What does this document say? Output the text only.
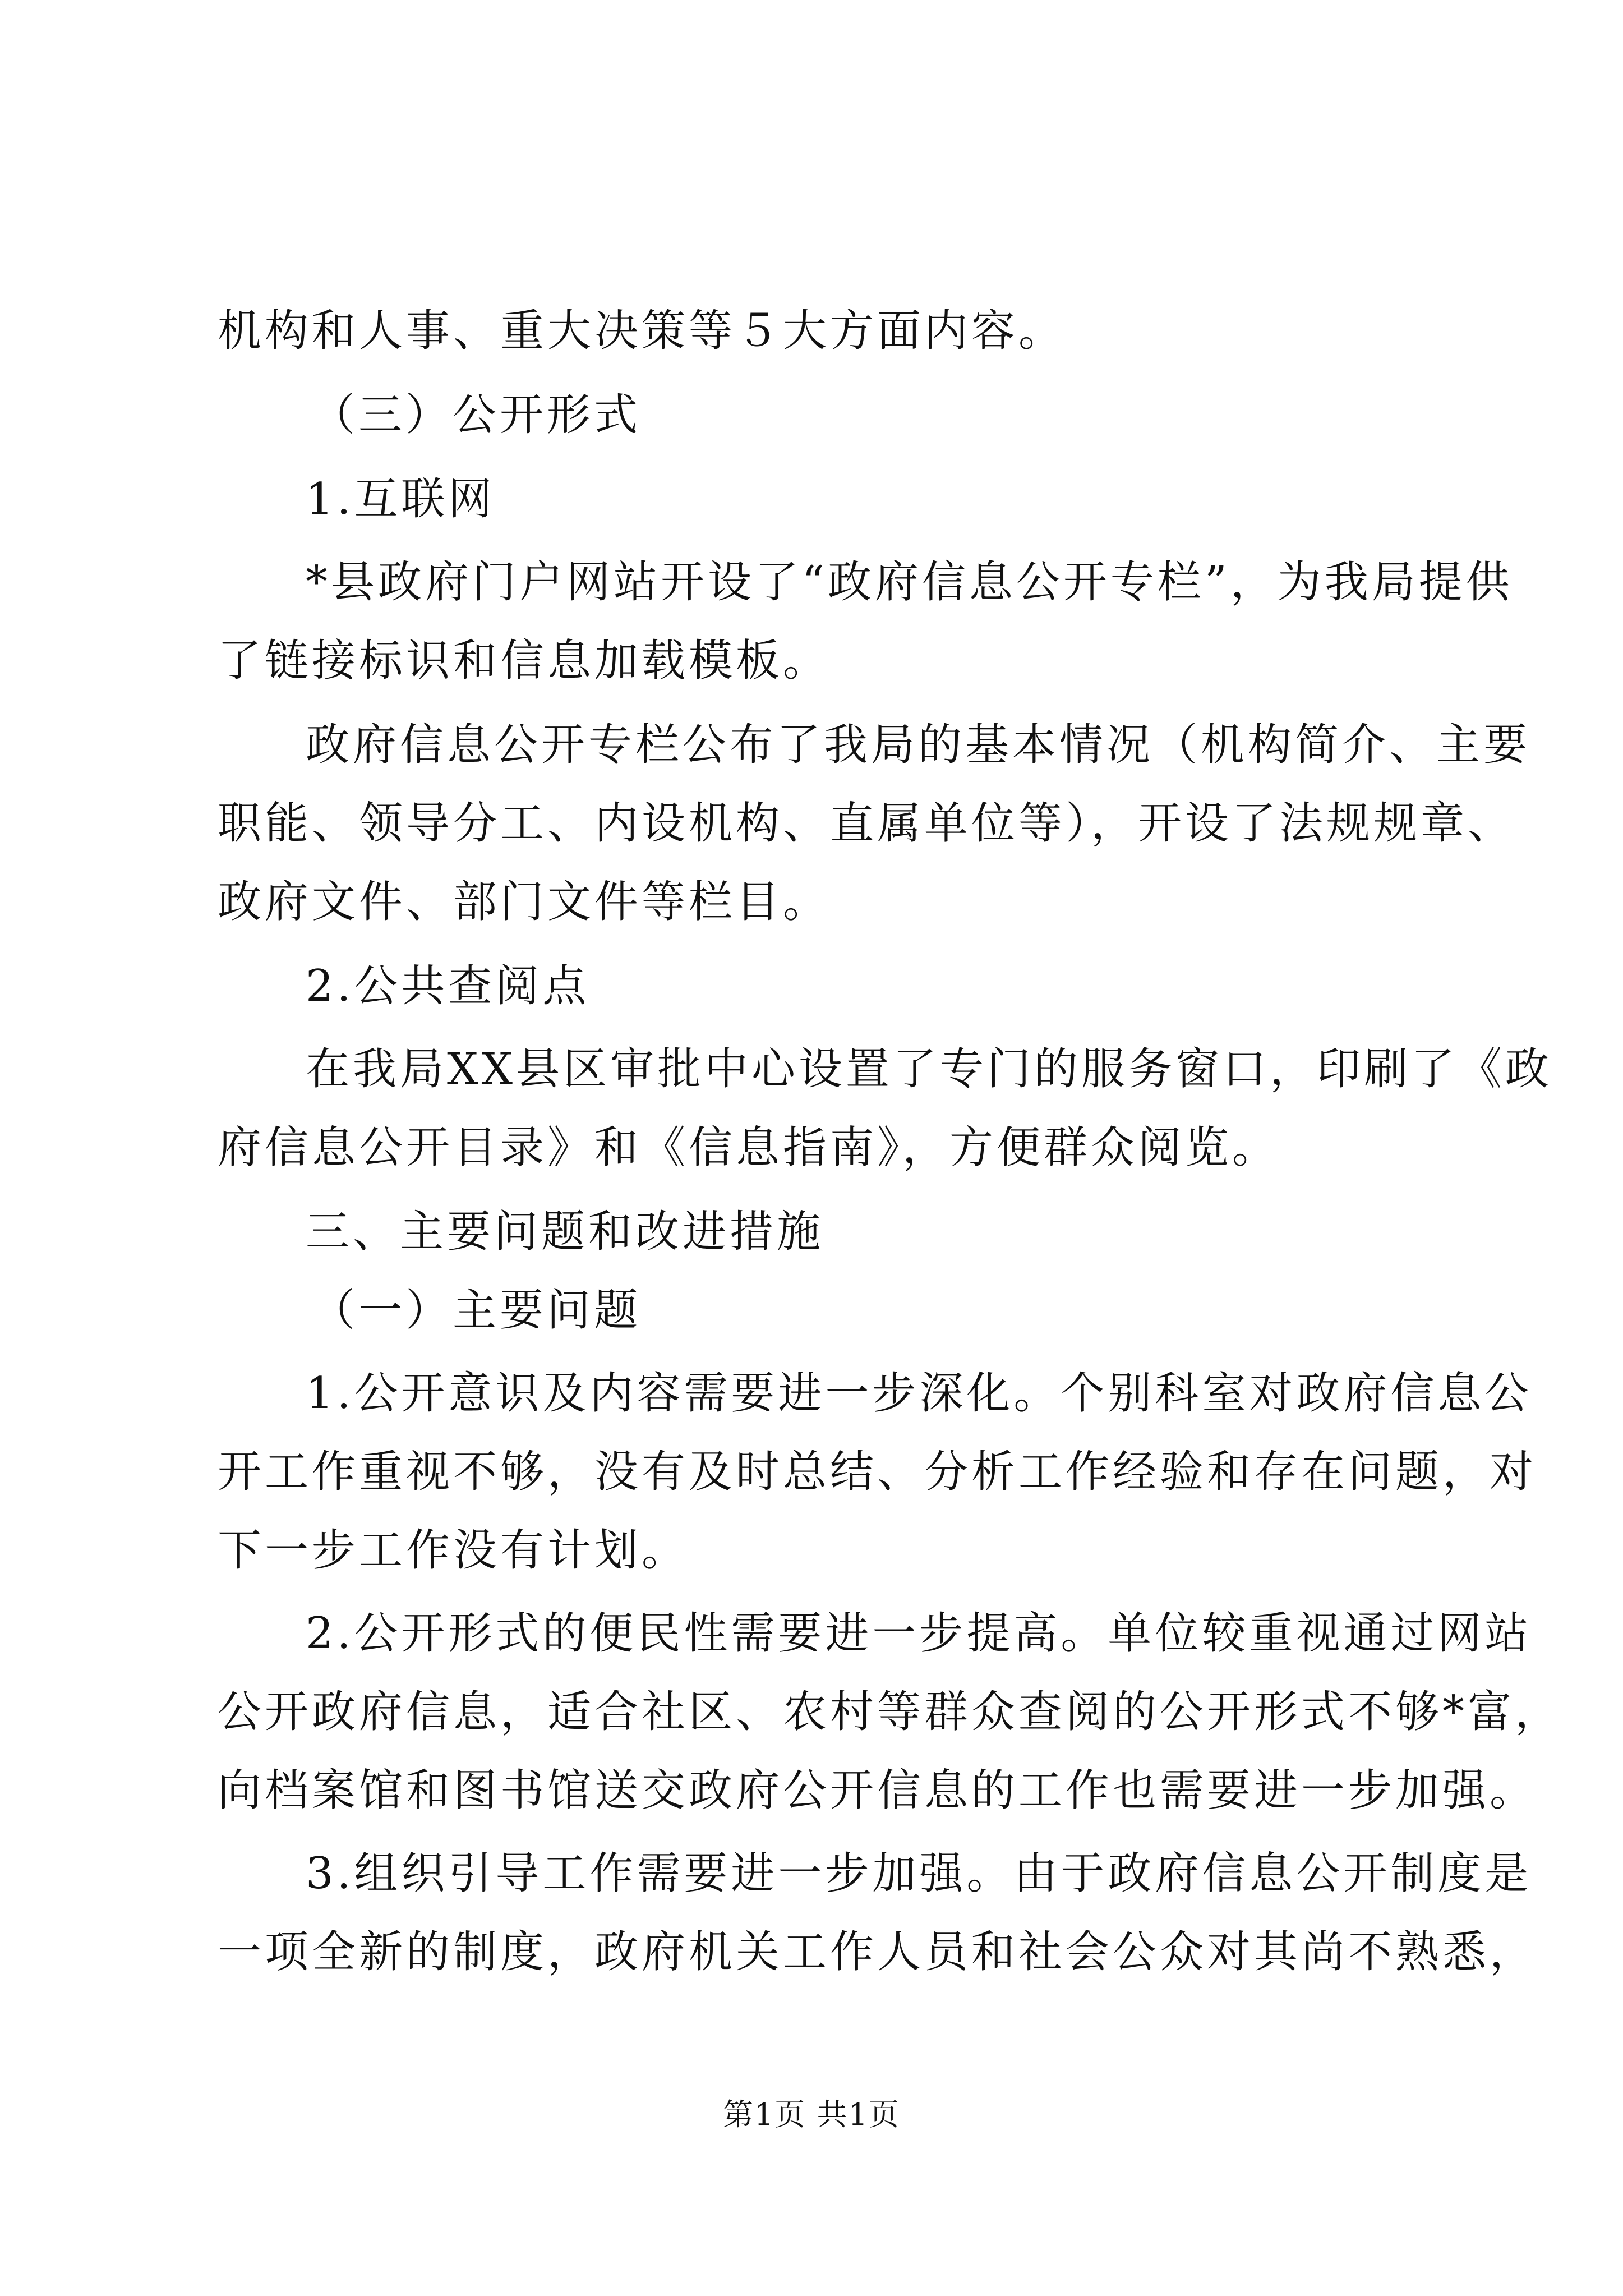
机构和人事、重大决策等５大方面内容。
（三）公开形式
1.互联网
*县政府门户网站开设了“政府信息公开专栏”，为我局提供
了链接标识和信息加载模板。
政府信息公开专栏公布了我局的基本情况（机构简介、主要
职能、领导分工、内设机构、直属单位等），开设了法规规章、
政府文件、部门文件等栏目。
2.公共查阅点
在我局XX县区审批中心设置了专门的服务窗口，印刷了《政
府信息公开目录》和《信息指南》，方便群众阅览。
三、主要问题和改进措施
（一）主要问题
1.公开意识及内容需要进一步深化。个别科室对政府信息公
开工作重视不够，没有及时总结、分析工作经验和存在问题，对
下一步工作没有计划。
2.公开形式的便民性需要进一步提高。单位较重视通过网站
公开政府信息，适合社区、农村等群众查阅的公开形式不够*富，
向档案馆和图书馆送交政府公开信息的工作也需要进一步加强。
3.组织引导工作需要进一步加强。由于政府信息公开制度是
一项全新的制度，政府机关工作人员和社会公众对其尚不熟悉，
第1页 共1页
